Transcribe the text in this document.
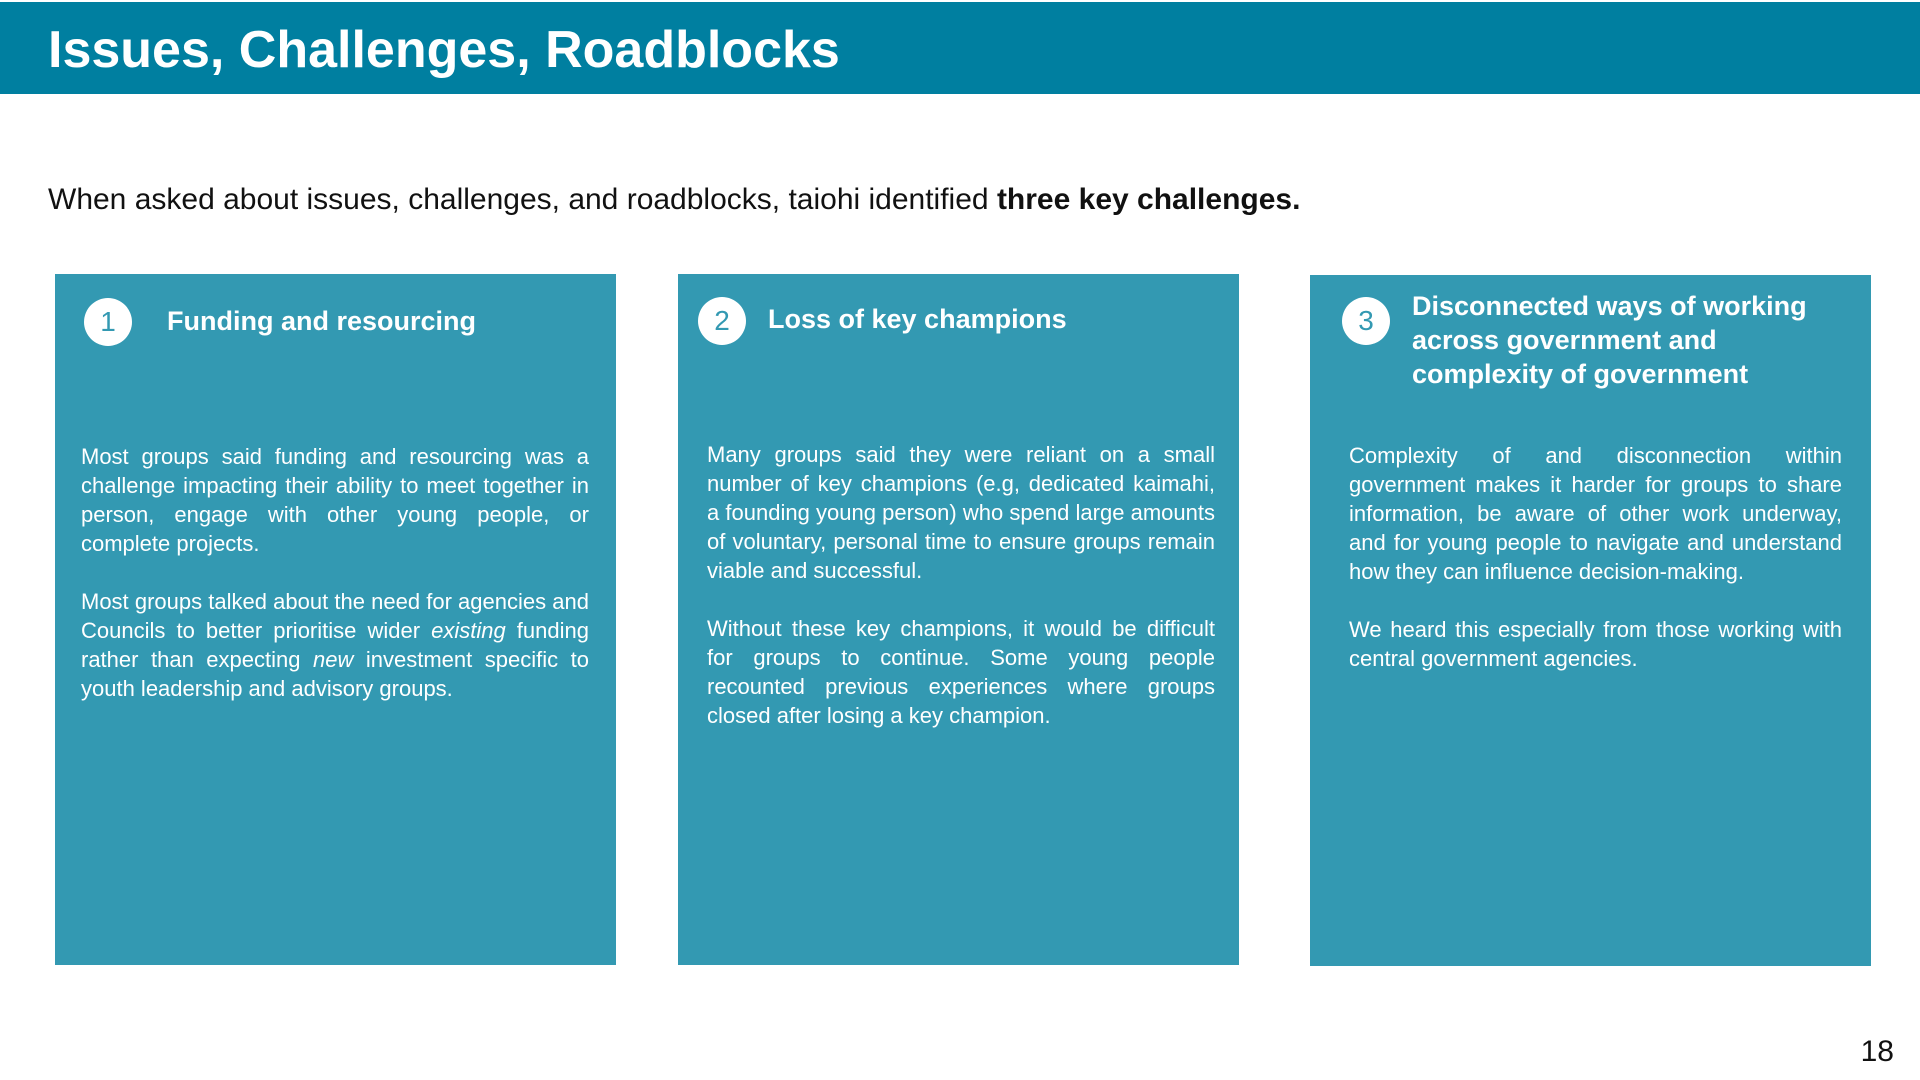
Issues, Challenges, Roadblocks
When asked about issues, challenges, and roadblocks, taiohi identified three key challenges.
1	Funding and resourcing

Most groups said funding and resourcing was a challenge impacting their ability to meet together in person, engage with other young people, or complete projects.

Most groups talked about the need for agencies and Councils to better prioritise wider existing funding rather than expecting new investment specific to youth leadership and advisory groups.

2	Loss of key champions

Many groups said they were reliant on a small number of key champions (e.g, dedicated kaimahi, a founding young person) who spend large amounts of voluntary, personal time to ensure groups remain viable and successful.

Without these key champions, it would be difficult for groups to continue. Some young people recounted previous experiences where groups closed after losing a key champion.

3	Disconnected ways of working across government and complexity of government

Complexity of and disconnection within government makes it harder for groups to share information, be aware of other work underway, and for young people to navigate and understand how they can influence decision-making.

We heard this especially from those working with central government agencies.

18
